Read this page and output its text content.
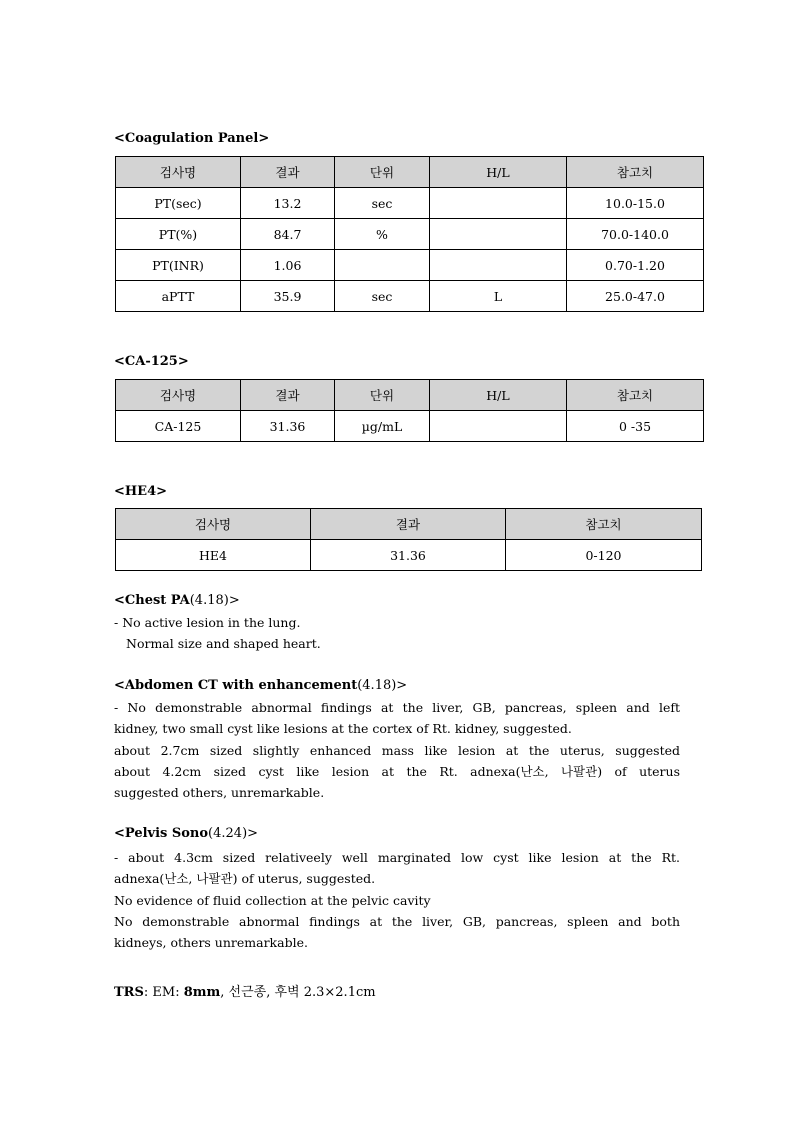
<Coagulation Panel>
검사명	결과	단위	H/L	참고치
PT(sec)	13.2	sec		10.0-15.0
PT(%)	84.7	%		70.0-140.0
PT(INR)	1.06			0.70-1.20
aPTT	35.9	sec	L	25.0-47.0
<CA-125>
검사명	결과	단위	H/L	참고치
CA-125	31.36	µg/mL		0 -35
<HE4>
검사명	결과	참고치
HE4	31.36	0-120
<Chest PA(4.18)>
- No active lesion in the lung.
Normal size and shaped heart.
<Abdomen CT with enhancement(4.18)>
- No demonstrable abnormal findings at the liver, GB, pancreas, spleen and left
kidney, two small cyst like lesions at the cortex of Rt. kidney, suggested.
about 2.7cm sized slightly enhanced mass like lesion at the uterus, suggested
about 4.2cm sized cyst like lesion at the Rt. adnexa(난소, 나팔관) of uterus
suggested others, unremarkable.
<Pelvis Sono(4.24)>
- about 4.3cm sized relativeely well marginated low cyst like lesion at the Rt.
adnexa(난소, 나팔관) of uterus, suggested.
No evidence of fluid collection at the pelvic cavity
No demonstrable abnormal findings at the liver, GB, pancreas, spleen and both
kidneys, others unremarkable.
TRS: EM: 8mm, 선근종, 후벽 2.3×2.1cm
